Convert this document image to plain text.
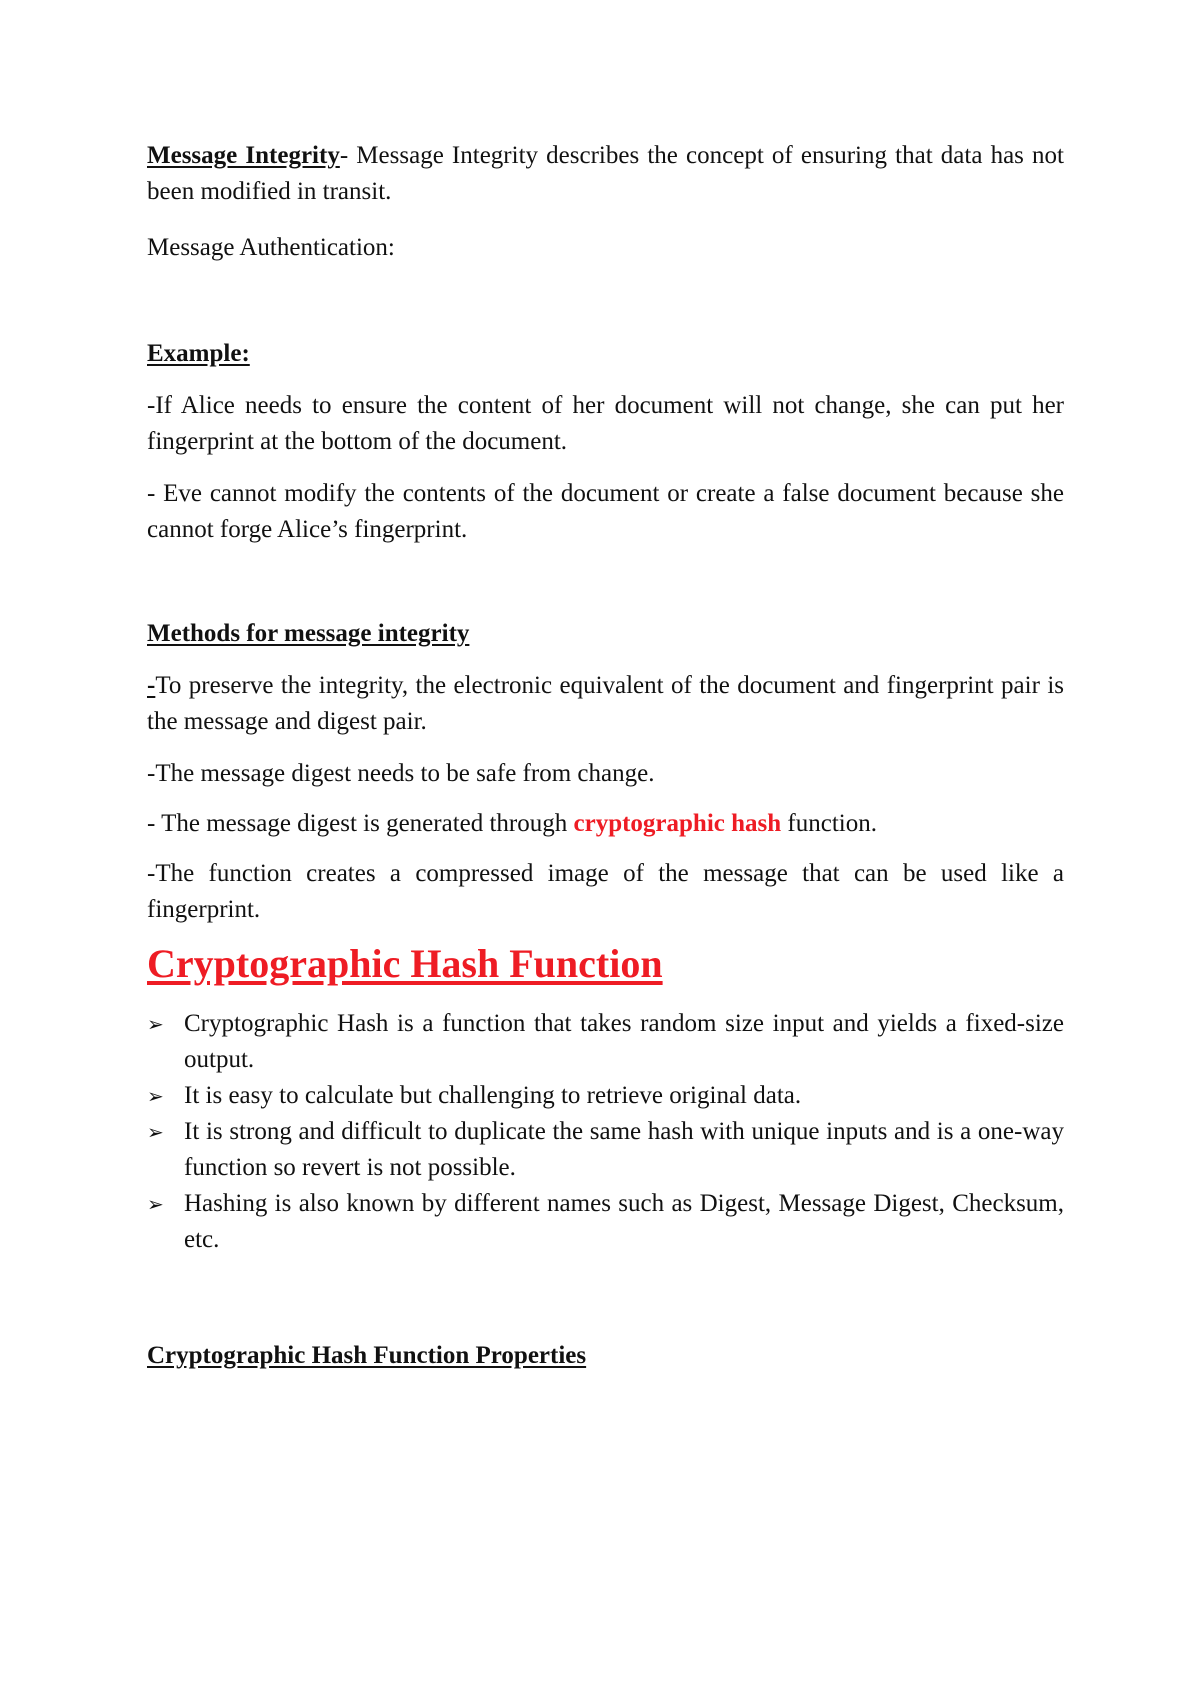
Message Integrity- Message Integrity describes the concept of ensuring that data has not been modified in transit.

Message Authentication:

Example:

-If Alice needs to ensure the content of her document will not change, she can put her fingerprint at the bottom of the document.

- Eve cannot modify the contents of the document or create a false document because she cannot forge Alice’s fingerprint.

Methods for message integrity

-To preserve the integrity, the electronic equivalent of the document and fingerprint pair is the message and digest pair.

-The message digest needs to be safe from change.

- The message digest is generated through cryptographic hash function.

-The function creates a compressed image of the message that can be used like a fingerprint.

Cryptographic Hash Function
➢ Cryptographic Hash is a function that takes random size input and yields a fixed-size output.
➢ It is easy to calculate but challenging to retrieve original data.
➢ It is strong and difficult to duplicate the same hash with unique inputs and is a one-way function so revert is not possible.
➢ Hashing is also known by different names such as Digest, Message Digest, Checksum, etc.

Cryptographic Hash Function Properties
